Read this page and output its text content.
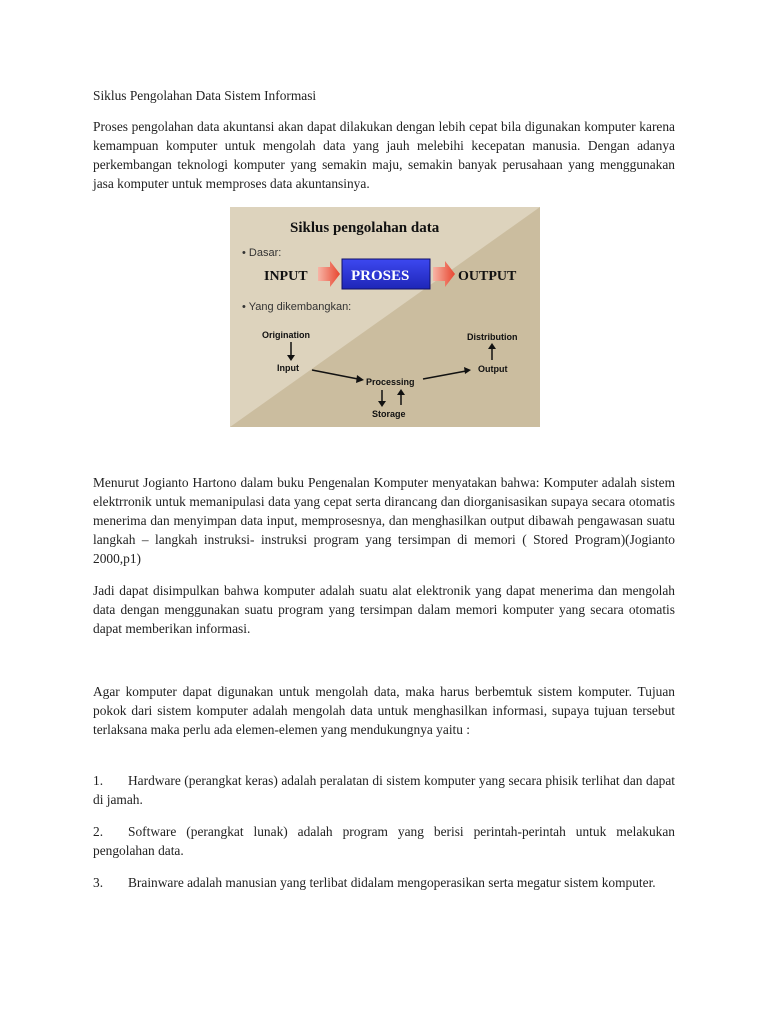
Siklus Pengolahan Data Sistem Informasi

Proses pengolahan data akuntansi akan dapat dilakukan dengan lebih cepat bila digunakan komputer karena kemampuan komputer untuk mengolah data yang jauh melebihi kecepatan manusia. Dengan adanya perkembangan teknologi komputer yang semakin maju, semakin banyak perusahaan yang menggunakan jasa komputer untuk memproses data akuntansinya.

Siklus pengolahan data
• Dasar:
INPUT	PROSES	OUTPUT
• Yang dikembangkan:
Origination
Input
Processing
Output
Distribution
Storage

Menurut Jogianto Hartono dalam buku Pengenalan Komputer menyatakan bahwa: Komputer adalah sistem elektrronik untuk memanipulasi data yang cepat serta dirancang dan diorganisasikan supaya secara otomatis menerima dan menyimpan data input, memprosesnya, dan menghasilkan output dibawah pengawasan suatu langkah – langkah instruksi- instruksi program yang tersimpan di memori ( Stored Program)(Jogianto 2000,p1)

Jadi dapat disimpulkan bahwa komputer adalah suatu alat elektronik yang dapat menerima dan mengolah data dengan menggunakan suatu program yang tersimpan dalam memori komputer yang secara otomatis dapat memberikan informasi.

Agar komputer dapat digunakan untuk mengolah data, maka harus berbemtuk sistem komputer. Tujuan pokok dari sistem komputer adalah mengolah data untuk menghasilkan informasi, supaya tujuan tersebut terlaksana maka perlu ada elemen-elemen yang mendukungnya yaitu :

1. Hardware (perangkat keras) adalah peralatan di sistem komputer yang secara phisik terlihat dan dapat di jamah.
2. Software (perangkat lunak) adalah program yang berisi perintah-perintah untuk melakukan pengolahan data.
3. Brainware adalah manusian yang terlibat didalam mengoperasikan serta megatur sistem komputer.
